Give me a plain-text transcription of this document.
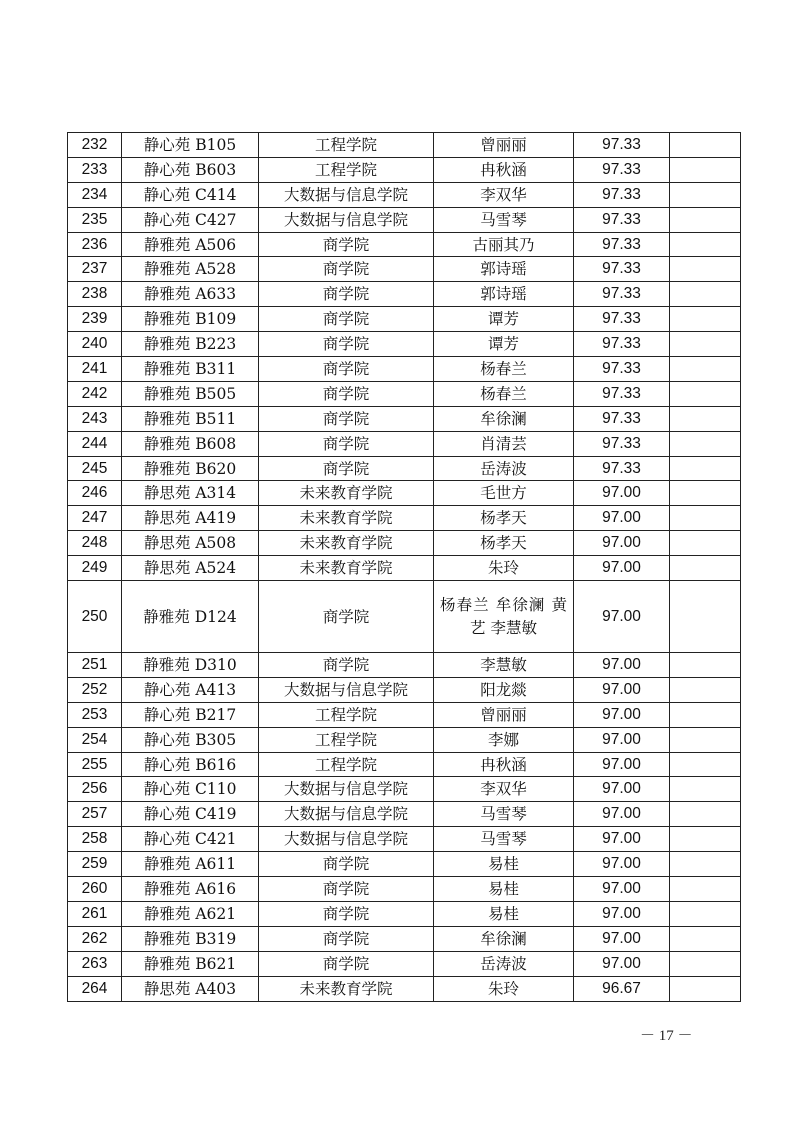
232	静心苑 B105	工程学院	曾丽丽	97.33	
233	静心苑 B603	工程学院	冉秋涵	97.33	
234	静心苑 C414	大数据与信息学院	李双华	97.33	
235	静心苑 C427	大数据与信息学院	马雪琴	97.33	
236	静雅苑 A506	商学院	古丽其乃	97.33	
237	静雅苑 A528	商学院	郭诗瑶	97.33	
238	静雅苑 A633	商学院	郭诗瑶	97.33	
239	静雅苑 B109	商学院	谭芳	97.33	
240	静雅苑 B223	商学院	谭芳	97.33	
241	静雅苑 B311	商学院	杨春兰	97.33	
242	静雅苑 B505	商学院	杨春兰	97.33	
243	静雅苑 B511	商学院	牟徐澜	97.33	
244	静雅苑 B608	商学院	肖清芸	97.33	
245	静雅苑 B620	商学院	岳涛波	97.33	
246	静思苑 A314	未来教育学院	毛世方	97.00	
247	静思苑 A419	未来教育学院	杨孝天	97.00	
248	静思苑 A508	未来教育学院	杨孝天	97.00	
249	静思苑 A524	未来教育学院	朱玲	97.00	
250	静雅苑 D124	商学院	杨春兰 牟徐澜 黄艺 李慧敏	97.00	
251	静雅苑 D310	商学院	李慧敏	97.00	
252	静心苑 A413	大数据与信息学院	阳龙燚	97.00	
253	静心苑 B217	工程学院	曾丽丽	97.00	
254	静心苑 B305	工程学院	李娜	97.00	
255	静心苑 B616	工程学院	冉秋涵	97.00	
256	静心苑 C110	大数据与信息学院	李双华	97.00	
257	静心苑 C419	大数据与信息学院	马雪琴	97.00	
258	静心苑 C421	大数据与信息学院	马雪琴	97.00	
259	静雅苑 A611	商学院	易桂	97.00	
260	静雅苑 A616	商学院	易桂	97.00	
261	静雅苑 A621	商学院	易桂	97.00	
262	静雅苑 B319	商学院	牟徐澜	97.00	
263	静雅苑 B621	商学院	岳涛波	97.00	
264	静思苑 A403	未来教育学院	朱玲	96.67	
－ 17 －
